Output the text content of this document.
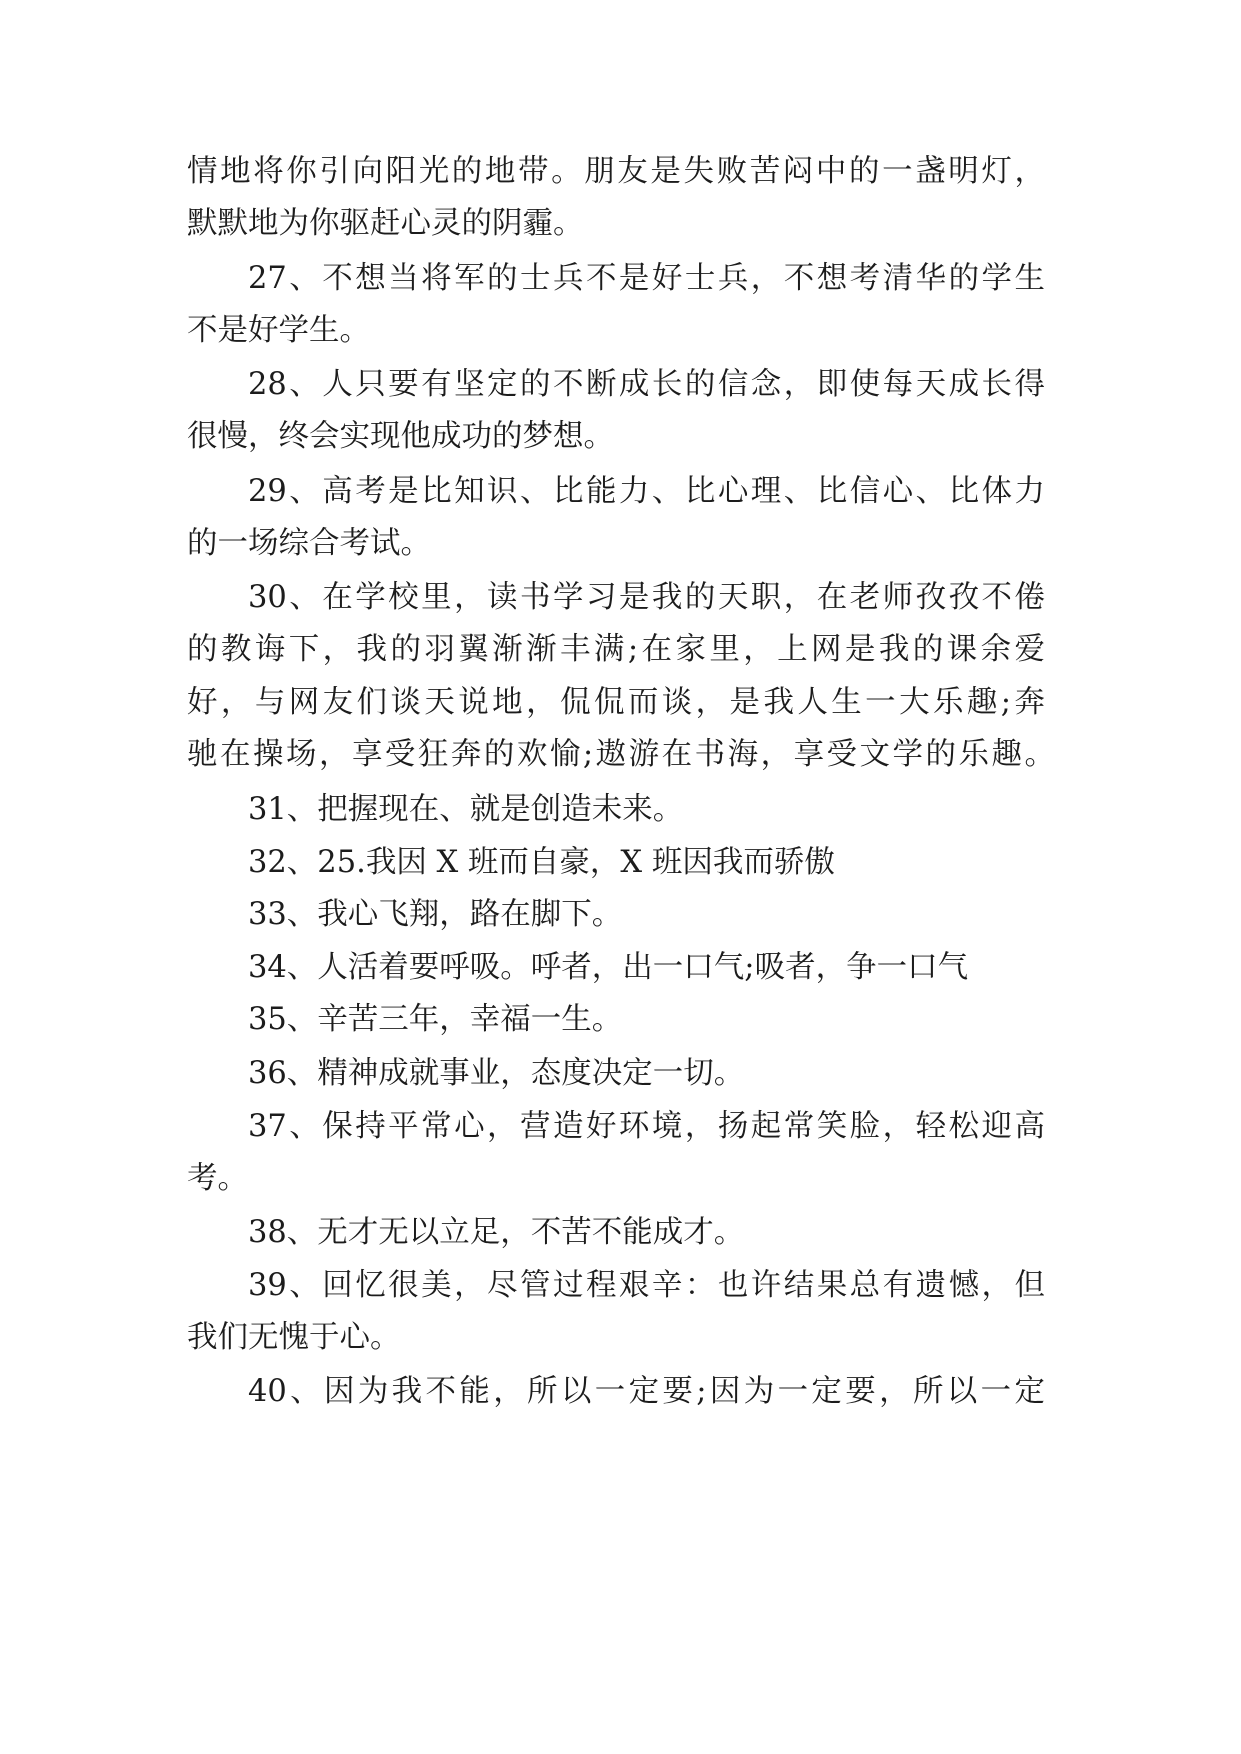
情地将你引向阳光的地带。朋友是失败苦闷中的一盏明灯，
默默地为你驱赶心灵的阴霾。
27、不想当将军的士兵不是好士兵，不想考清华的学生
不是好学生。
28、人只要有坚定的不断成长的信念，即使每天成长得
很慢，终会实现他成功的梦想。
29、高考是比知识、比能力、比心理、比信心、比体力
的一场综合考试。
30、在学校里，读书学习是我的天职，在老师孜孜不倦
的教诲下，我的羽翼渐渐丰满;在家里，上网是我的课余爱
好，与网友们谈天说地，侃侃而谈，是我人生一大乐趣;奔
驰在操场，享受狂奔的欢愉;遨游在书海，享受文学的乐趣。
31、把握现在、就是创造未来。
32、25.我因 X 班而自豪，X 班因我而骄傲
33、我心飞翔，路在脚下。
34、人活着要呼吸。呼者，出一口气;吸者，争一口气
35、辛苦三年，幸福一生。
36、精神成就事业，态度决定一切。
37、保持平常心，营造好环境，扬起常笑脸，轻松迎高
考。
38、无才无以立足，不苦不能成才。
39、回忆很美，尽管过程艰辛：也许结果总有遗憾，但
我们无愧于心。
40、因为我不能，所以一定要;因为一定要，所以一定
